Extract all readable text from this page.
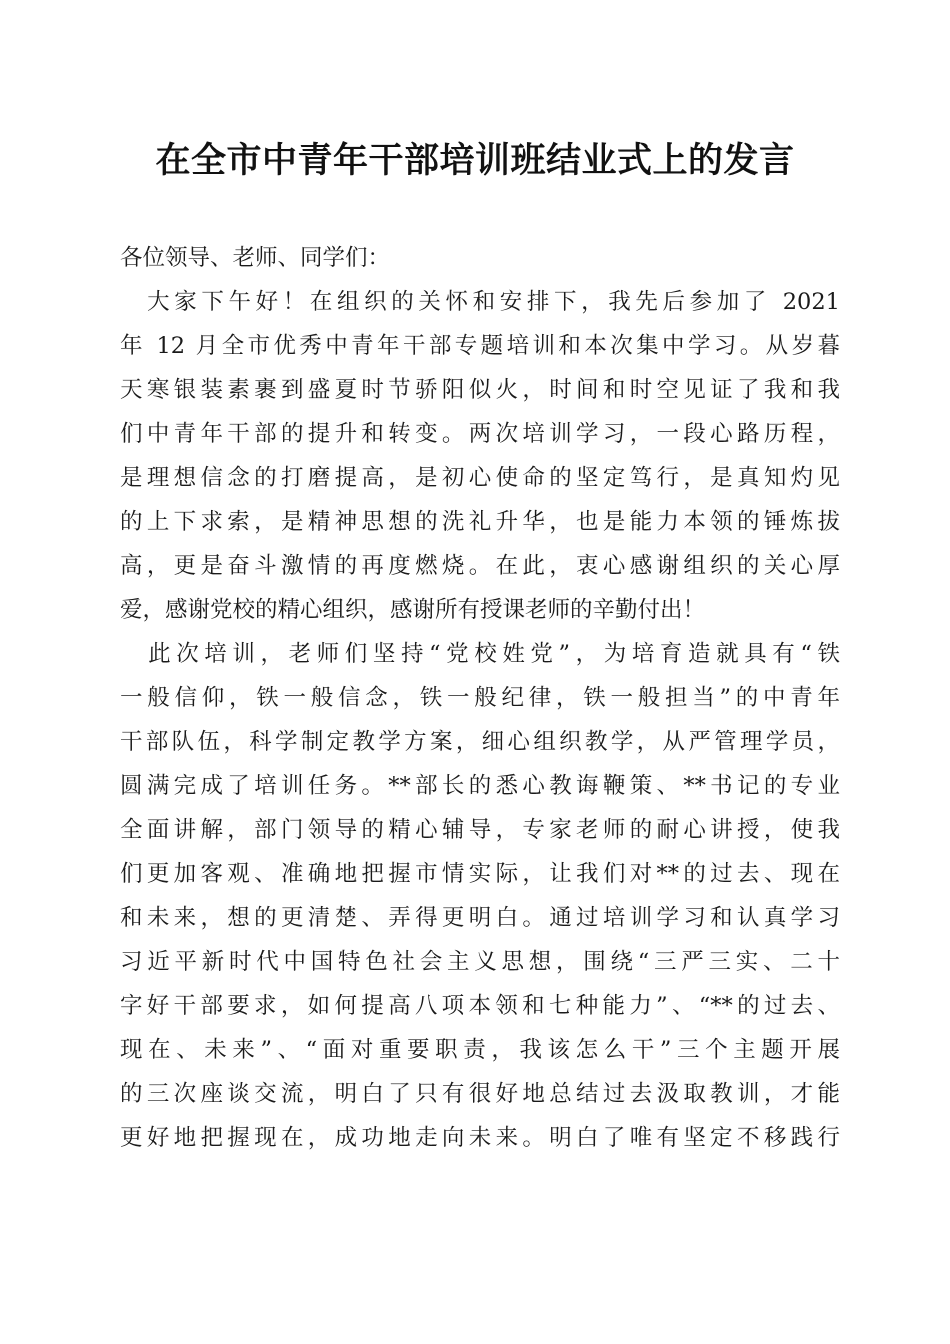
在全市中青年干部培训班结业式上的发言
各位领导、老师、同学们：
　大家下午好！在组织的关怀和安排下，我先后参加了 2021
年 12 月全市优秀中青年干部专题培训和本次集中学习。从岁暮
天寒银装素裹到盛夏时节骄阳似火，时间和时空见证了我和我
们中青年干部的提升和转变。两次培训学习，一段心路历程，
是理想信念的打磨提高，是初心使命的坚定笃行，是真知灼见
的上下求索，是精神思想的洗礼升华，也是能力本领的锤炼拔
高，更是奋斗激情的再度燃烧。在此，衷心感谢组织的关心厚
爱，感谢党校的精心组织，感谢所有授课老师的辛勤付出！
　此次培训，老师们坚持“党校姓党”，为培育造就具有“铁
一般信仰，铁一般信念，铁一般纪律，铁一般担当”的中青年
干部队伍，科学制定教学方案，细心组织教学，从严管理学员，
圆满完成了培训任务。**部长的悉心教诲鞭策、**书记的专业
全面讲解，部门领导的精心辅导，专家老师的耐心讲授，使我
们更加客观、准确地把握市情实际，让我们对**的过去、现在
和未来，想的更清楚、弄得更明白。通过培训学习和认真学习
习近平新时代中国特色社会主义思想，围绕“三严三实、二十
字好干部要求，如何提高八项本领和七种能力”、“**的过去、
现在、未来”、“面对重要职责，我该怎么干”三个主题开展
的三次座谈交流，明白了只有很好地总结过去汲取教训，才能
更好地把握现在，成功地走向未来。明白了唯有坚定不移践行
